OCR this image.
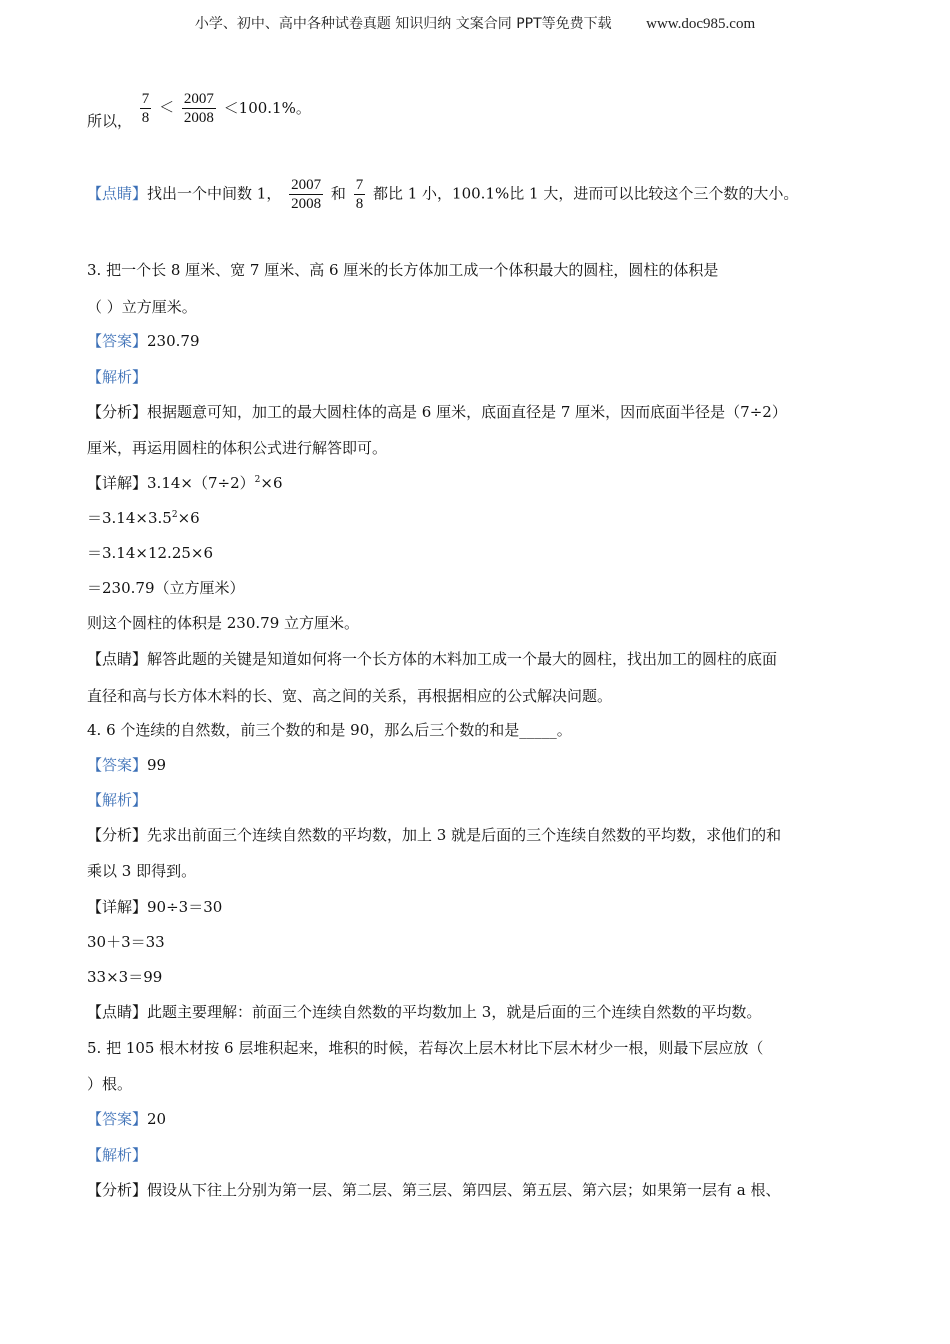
小学、初中、高中各种试卷真题 知识归纳 文案合同 PPT等免费下载 www.doc985.com
所以， $\frac{7}{8} < \frac{2007}{2008} <100.1\%$。
【点睛】找出一个中间数 1， $\frac{2007}{2008}$ 和 $\frac{7}{8}$ 都比 1 小，100.1%比 1 大，进而可以比较这个三个数的大小。
3. 把一个长 8 厘米、宽 7 厘米、高 6 厘米的长方体加工成一个体积最大的圆柱，圆柱的体积是
（ ）立方厘米。
【答案】230.79
【解析】
【分析】根据题意可知，加工的最大圆柱体的高是 6 厘米，底面直径是 7 厘米，因而底面半径是（7÷2）
厘米，再运用圆柱的体积公式进行解答即可。
【详解】$3.14\times(7\div 2)^2\times 6$
$=3.14\times 3.5^2\times 6$
＝3.14×12.25×6
＝230.79（立方厘米）
则这个圆柱的体积是 230.79 立方厘米。
【点睛】解答此题的关键是知道如何将一个长方体的木料加工成一个最大的圆柱，找出加工的圆柱的底面
直径和高与长方体木料的长、宽、高之间的关系，再根据相应的公式解决问题。
4. 6 个连续的自然数，前三个数的和是 90，那么后三个数的和是_____。
【答案】99
【解析】
【分析】先求出前面三个连续自然数的平均数，加上 3 就是后面的三个连续自然数的平均数，求他们的和
乘以 3 即得到。
【详解】90÷3＝30
30＋3＝33
33×3＝99
【点睛】此题主要理解：前面三个连续自然数的平均数加上 3，就是后面的三个连续自然数的平均数。
5. 把 105 根木材按 6 层堆积起来，堆积的时候，若每次上层木材比下层木材少一根，则最下层应放（
）根。
【答案】20
【解析】
【分析】假设从下往上分别为第一层、第二层、第三层、第四层、第五层、第六层；如果第一层有 a 根、
